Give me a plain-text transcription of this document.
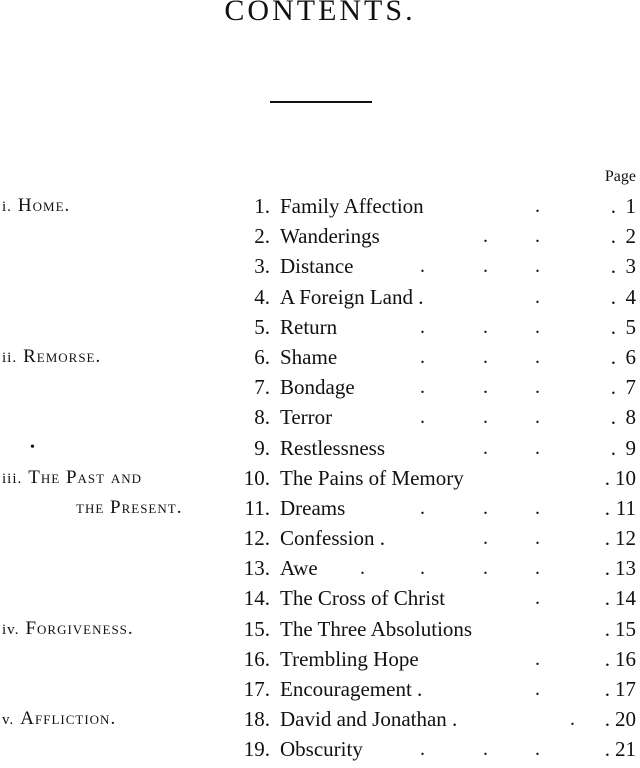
CONTENTS.
Page
i. Home.	1. Family Affection	.	. 1
2. Wanderings	. .	. 2
3. Distance	.	. .	. 3
4. A Foreign Land .	.	. 4
5. Return	.	. .	. 5
ii. Remorse.	6. Shame	.	. .	. 6
7. Bondage	.	. .	. 7
8. Terror	.	. .	. 8
•	9. Restlessness	. .	. 9
iii. The Past and	10. The Pains of Memory	. 10
the Present.	11. Dreams	.	. .	. 11
12. Confession .	. .	. 12
13. Awe .	.	. .	. 13
14. The Cross of Christ	.	. 14
iv. Forgiveness.	15. The Three Absolutions	. 15
16. Trembling Hope	.	. 16
17. Encouragement .	.	. 17
v. Affliction.	18. David and Jonathan .	. . 20
19. Obscurity	.	. .	. 21
